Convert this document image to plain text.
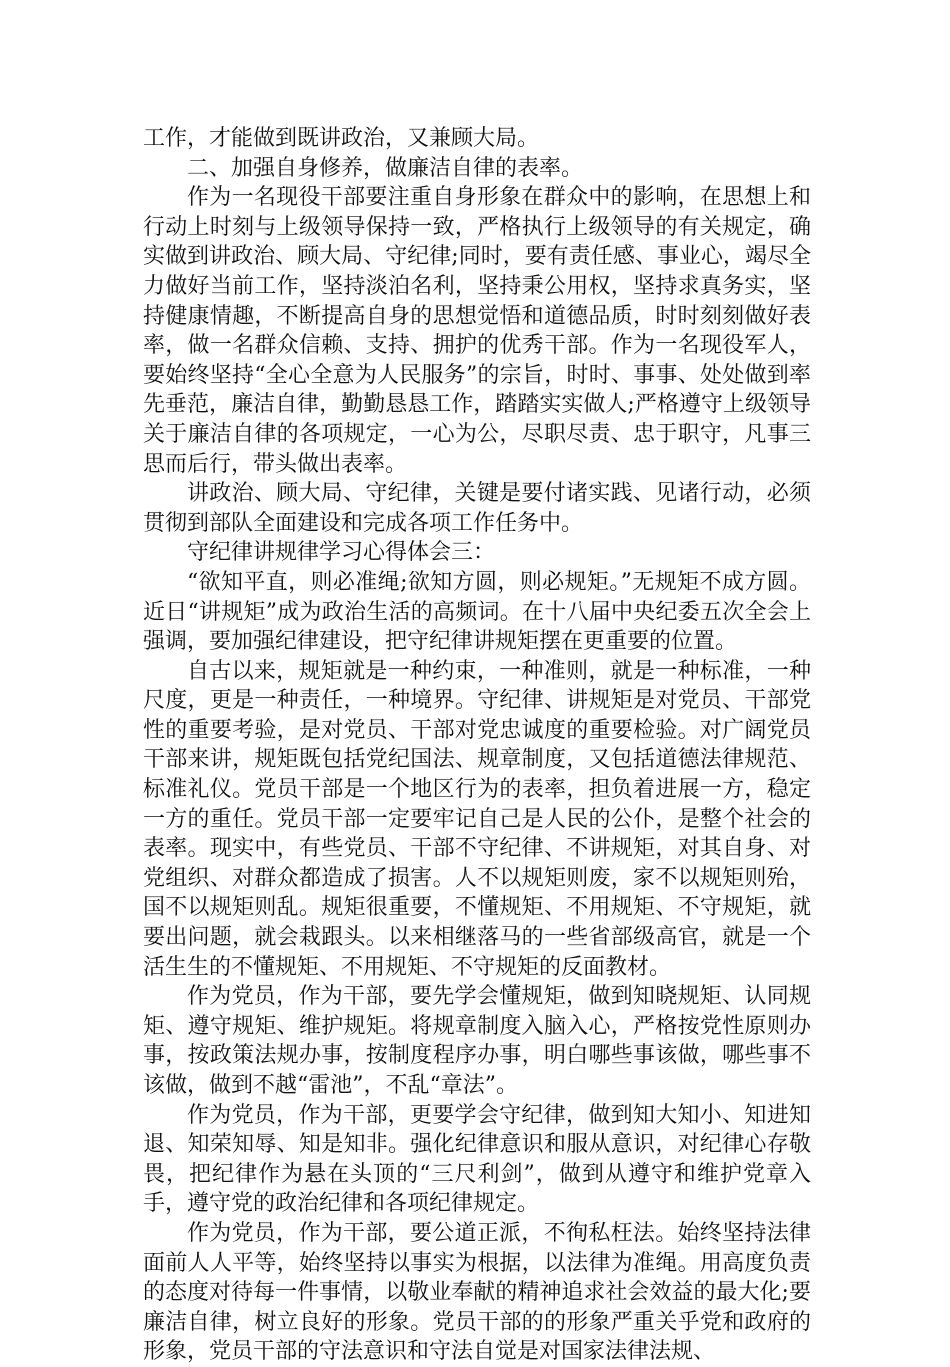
工作，才能做到既讲政治，又兼顾大局。

二、加强自身修养，做廉洁自律的表率。

作为一名现役干部要注重自身形象在群众中的影响，在思想上和行动上时刻与上级领导保持一致，严格执行上级领导的有关规定，确实做到讲政治、顾大局、守纪律;同时，要有责任感、事业心，竭尽全力做好当前工作，坚持淡泊名利，坚持秉公用权，坚持求真务实，坚持健康情趣，不断提高自身的思想觉悟和道德品质，时时刻刻做好表率，做一名群众信赖、支持、拥护的优秀干部。作为一名现役军人，要始终坚持“全心全意为人民服务”的宗旨，时时、事事、处处做到率先垂范，廉洁自律，勤勤恳恳工作，踏踏实实做人;严格遵守上级领导关于廉洁自律的各项规定，一心为公，尽职尽责、忠于职守，凡事三思而后行，带头做出表率。

讲政治、顾大局、守纪律，关键是要付诸实践、见诸行动，必须贯彻到部队全面建设和完成各项工作任务中。

守纪律讲规律学习心得体会三：

“欲知平直，则必准绳;欲知方圆，则必规矩。”无规矩不成方圆。近日“讲规矩”成为政治生活的高频词。在十八届中央纪委五次全会上强调，要加强纪律建设，把守纪律讲规矩摆在更重要的位置。

自古以来，规矩就是一种约束，一种准则，就是一种标准，一种尺度，更是一种责任，一种境界。守纪律、讲规矩是对党员、干部党性的重要考验，是对党员、干部对党忠诚度的重要检验。对广阔党员干部来讲，规矩既包括党纪国法、规章制度，又包括道德法律规范、标准礼仪。党员干部是一个地区行为的表率，担负着进展一方，稳定一方的重任。党员干部一定要牢记自己是人民的公仆，是整个社会的表率。现实中，有些党员、干部不守纪律、不讲规矩，对其自身、对党组织、对群众都造成了损害。人不以规矩则废，家不以规矩则殆，国不以规矩则乱。规矩很重要，不懂规矩、不用规矩、不守规矩，就要出问题，就会栽跟头。以来相继落马的一些省部级高官，就是一个活生生的不懂规矩、不用规矩、不守规矩的反面教材。

作为党员，作为干部，要先学会懂规矩，做到知晓规矩、认同规矩、遵守规矩、维护规矩。将规章制度入脑入心，严格按党性原则办事，按政策法规办事，按制度程序办事，明白哪些事该做，哪些事不该做，做到不越“雷池”，不乱“章法”。

作为党员，作为干部，更要学会守纪律，做到知大知小、知进知退、知荣知辱、知是知非。强化纪律意识和服从意识，对纪律心存敬畏，把纪律作为悬在头顶的“三尺利剑”，做到从遵守和维护党章入手，遵守党的政治纪律和各项纪律规定。

作为党员，作为干部，要公道正派，不徇私枉法。始终坚持法律面前人人平等，始终坚持以事实为根据，以法律为准绳。用高度负责的态度对待每一件事情，以敬业奉献的精神追求社会效益的最大化;要廉洁自律，树立良好的形象。党员干部的的形象严重关乎党和政府的形象，党员干部的守法意识和守法自觉是对国家法律法规、
